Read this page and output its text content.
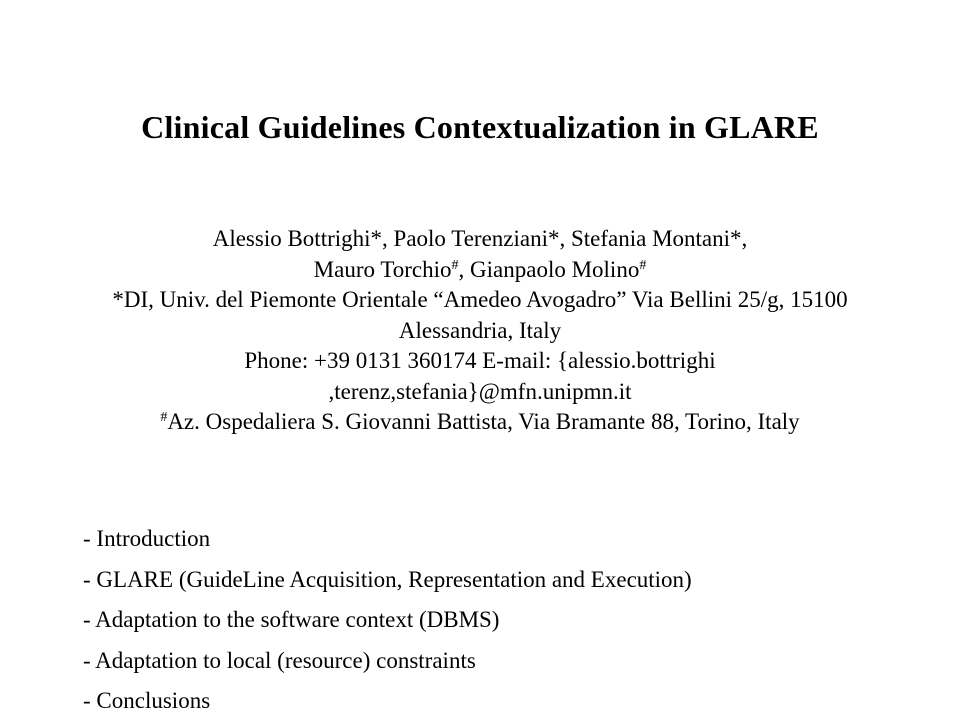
Clinical Guidelines Contextualization in GLARE
Alessio Bottrighi*, Paolo Terenziani*, Stefania Montani*,
Mauro Torchio#, Gianpaolo Molino#
*DI, Univ. del Piemonte Orientale “Amedeo Avogadro” Via Bellini 25/g, 15100
Alessandria, Italy
Phone: +39 0131 360174 E-mail: {alessio.bottrighi
,terenz,stefania}@mfn.unipmn.it
#Az. Ospedaliera S. Giovanni Battista, Via Bramante 88, Torino, Italy
- Introduction
- GLARE (GuideLine Acquisition, Representation and Execution)
- Adaptation to the software context (DBMS)
- Adaptation to local (resource) constraints
- Conclusions
